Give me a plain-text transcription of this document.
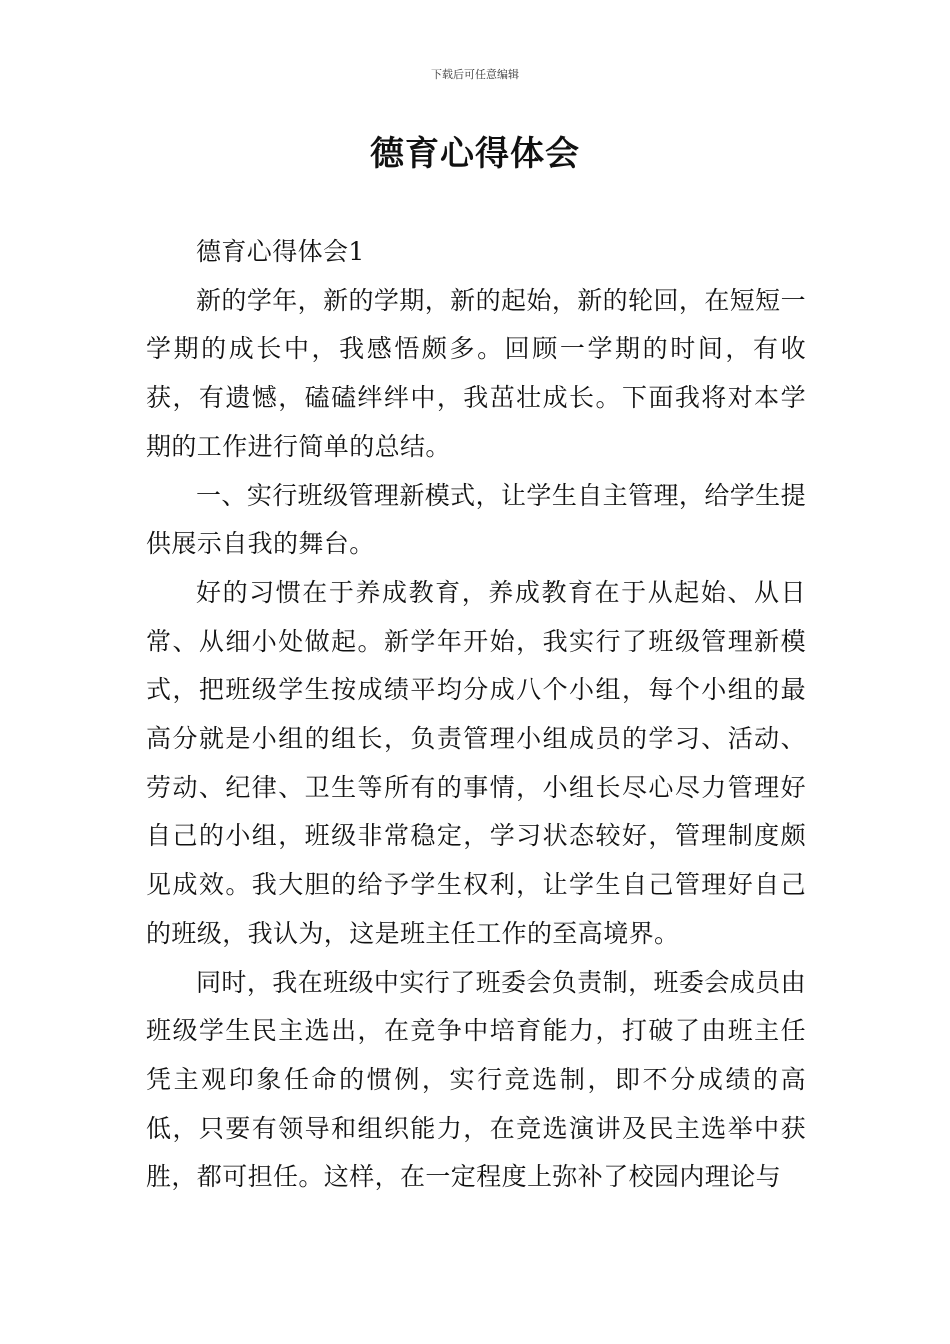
下载后可任意编辑
德育心得体会

德育心得体会1

新的学年，新的学期，新的起始，新的轮回，在短短一学期的成长中，我感悟颇多。回顾一学期的时间，有收获，有遗憾，磕磕绊绊中，我茁壮成长。下面我将对本学期的工作进行简单的总结。

一、实行班级管理新模式，让学生自主管理，给学生提供展示自我的舞台。

好的习惯在于养成教育，养成教育在于从起始、从日常、从细小处做起。新学年开始，我实行了班级管理新模式，把班级学生按成绩平均分成八个小组，每个小组的最高分就是小组的组长，负责管理小组成员的学习、活动、劳动、纪律、卫生等所有的事情，小组长尽心尽力管理好自己的小组，班级非常稳定，学习状态较好，管理制度颇见成效。我大胆的给予学生权利，让学生自己管理好自己的班级，我认为，这是班主任工作的至高境界。

同时，我在班级中实行了班委会负责制，班委会成员由班级学生民主选出，在竞争中培育能力，打破了由班主任凭主观印象任命的惯例，实行竞选制，即不分成绩的高低，只要有领导和组织能力，在竞选演讲及民主选举中获胜，都可担任。这样，在一定程度上弥补了校园内理论与
